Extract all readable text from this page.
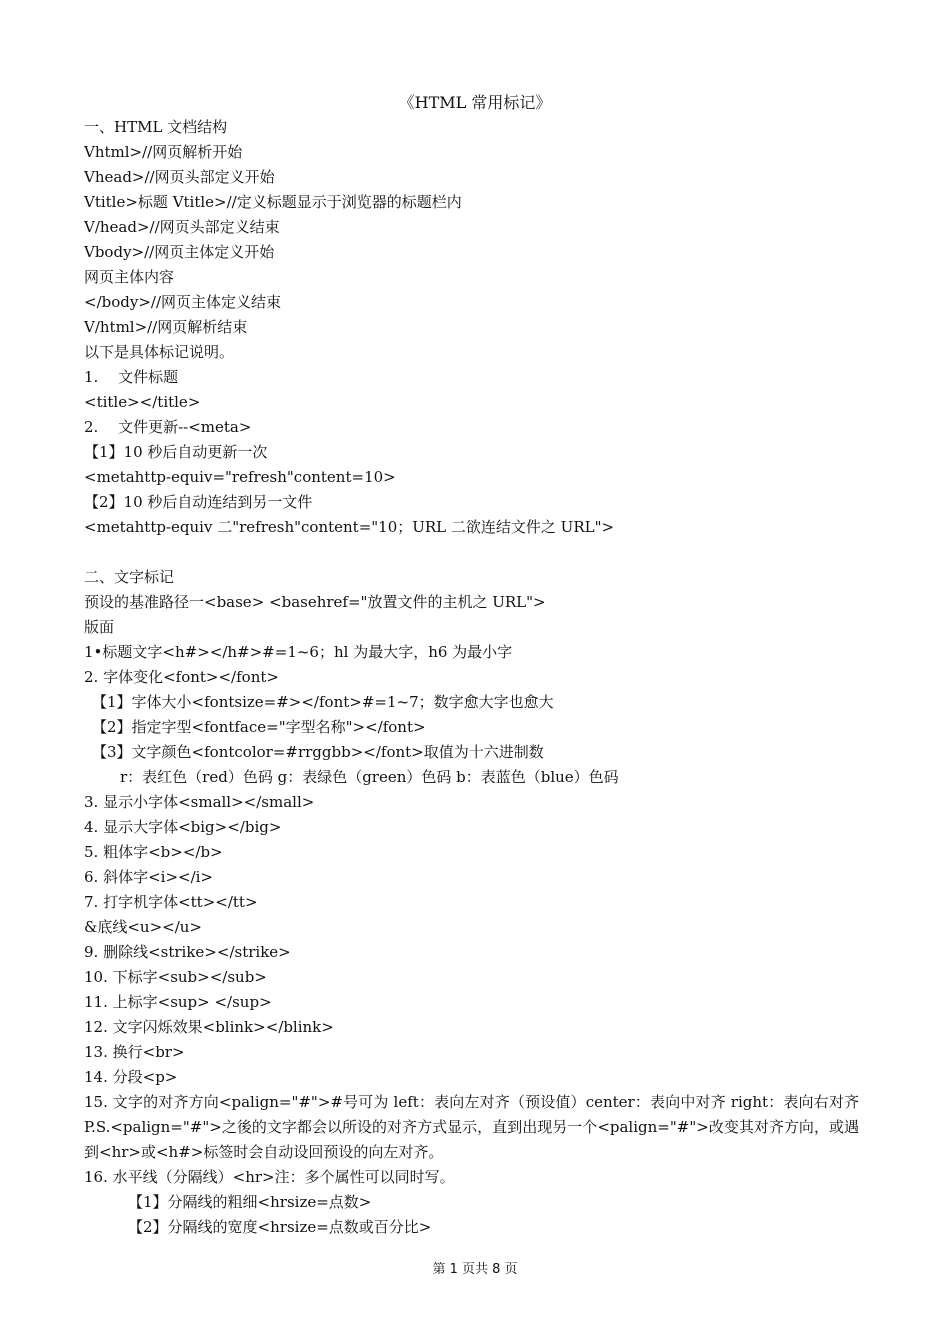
《HTML 常用标记》
一、HTML 文档结构
Vhtml>//网页解析开始
Vhead>//网页头部定义开始
Vtitle>标题 Vtitle>//定义标题显示于浏览器的标题栏内
V/head>//网页头部定义结束
Vbody>//网页主体定义开始
网页主体内容
</body>//网页主体定义结束
V/html>//网页解析结束
以下是具体标记说明。
1.　 文件标题
<title></title>
2.　 文件更新--<meta>
【1】10 秒后自动更新一次
<metahttp-equiv="refresh"content=10>
【2】10 秒后自动连结到另一文件
<metahttp-equiv 二"refresh"content="10；URL 二欲连结文件之 URL">
二、文字标记
预设的基准路径一<base> <basehref="放置文件的主机之 URL">
版面
1•标题文字<h#></h#>#=1~6；hl 为最大字，h6 为最小字
2. 字体变化<font></font>
【1】字体大小<fontsize=#></font>#=1~7；数字愈大字也愈大
【2】指定字型<fontface="字型名称"></font>
【3】文字颜色<fontcolor=#rrggbb></font>取值为十六进制数
r：表红色（red）色码 g：表绿色（green）色码 b：表蓝色（blue）色码
3. 显示小字体<small></small>
4. 显示大字体<big></big>
5. 粗体字<b></b>
6. 斜体字<i></i>
7. 打字机字体<tt></tt>
&底线<u></u>
9. 删除线<strike></strike>
10. 下标字<sub></sub>
11. 上标字<sup> </sup>
12. 文字闪烁效果<blink></blink>
13. 换行<br>
14. 分段<p>
15. 文字的对齐方向<palign="#">#号可为 left：表向左对齐（预设值）center：表向中对齐 right：表向右对齐 P.S.<palign="#">之後的文字都会以所设的对齐方式显示，直到出现另一个<palign="#">改变其对齐方向，或遇到<hr>或<h#>标签时会自动设回预设的向左对齐。
16. 水平线（分隔线）<hr>注：多个属性可以同时写。
【1】分隔线的粗细<hrsize=点数>
【2】分隔线的宽度<hrsize=点数或百分比>
第 1 页共 8 页
